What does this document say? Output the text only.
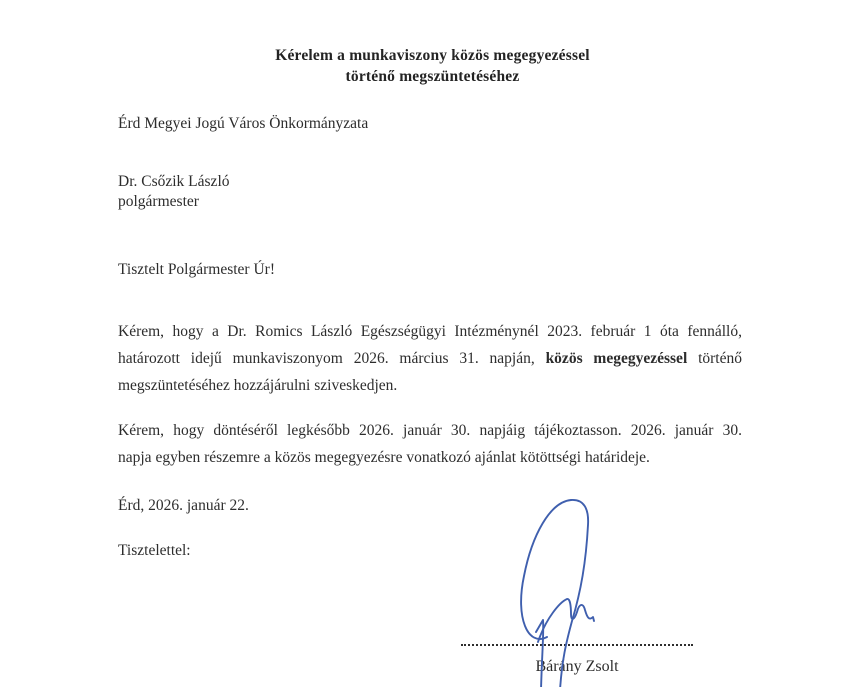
Kérelem a munkaviszony közös megegyezéssel
történő megszüntetéséhez
Érd Megyei Jogú Város Önkormányzata
Dr. Csőzik László
polgármester
Tisztelt Polgármester Úr!
Kérem, hogy a Dr. Romics László Egészségügyi Intézménynél 2023. február 1 óta fennálló,
határozott idejű munkaviszonyom 2026. március 31. napján, közös megegyezéssel történő
megszüntetéséhez hozzájárulni sziveskedjen.
Kérem, hogy döntéséről legkésőbb 2026. január 30. napjáig tájékoztasson. 2026. január 30.
napja egyben részemre a közös megegyezésre vonatkozó ajánlat kötöttségi határideje.
Érd, 2026. január 22.
Tisztelettel:
Bárány Zsolt
